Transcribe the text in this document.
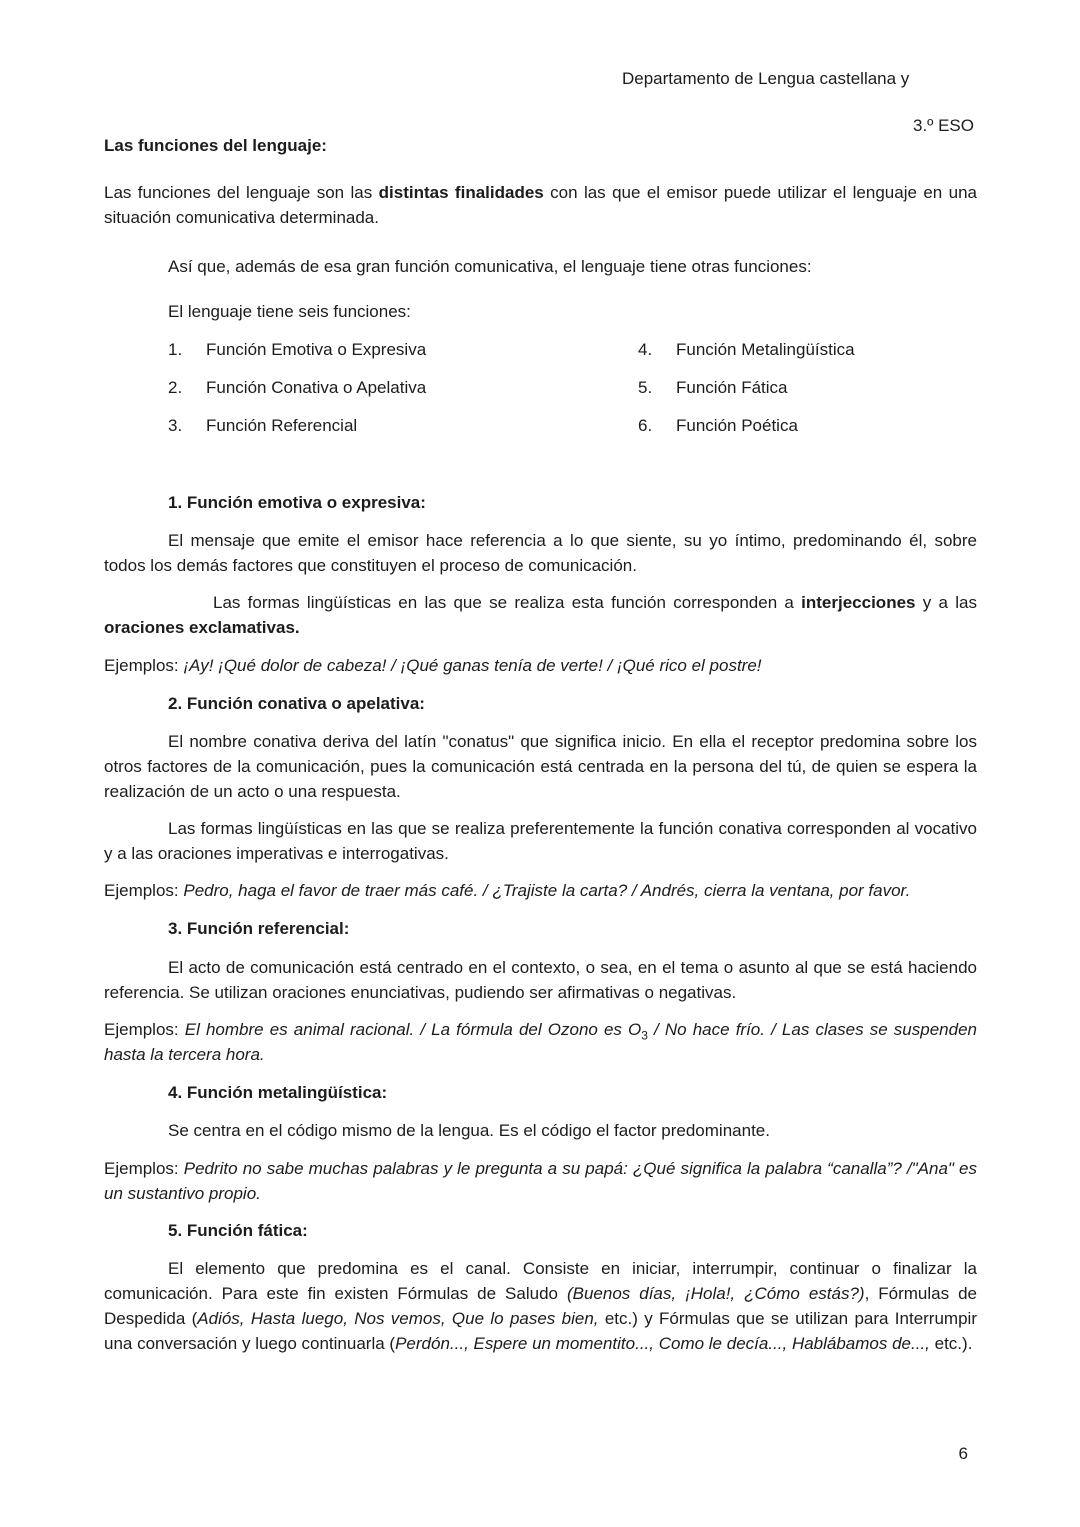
Departamento de Lengua castellana y
3.º ESO
Las funciones del lenguaje:
Las funciones del lenguaje son las distintas finalidades con las que el emisor puede utilizar el lenguaje en una situación comunicativa determinada.
Así que, además de esa gran función comunicativa, el lenguaje tiene otras funciones:
El lenguaje tiene seis funciones:
1.	Función Emotiva o Expresiva
2.	Función Conativa o Apelativa
3.	Función Referencial
4.	Función Metalingüística
5.	Función Fática
6.	Función Poética
1. Función emotiva o expresiva:
El mensaje que emite el emisor hace referencia a lo que siente, su yo íntimo, predominando él, sobre todos los demás factores que constituyen el proceso de comunicación.
Las formas lingüísticas en las que se realiza esta función corresponden a interjecciones y a las oraciones exclamativas.
Ejemplos: ¡Ay! ¡Qué dolor de cabeza! / ¡Qué ganas tenía de verte! / ¡Qué rico el postre!
2. Función conativa o apelativa:
El nombre conativa deriva del latín "conatus" que significa inicio. En ella el receptor predomina sobre los otros factores de la comunicación, pues la comunicación está centrada en la persona del tú, de quien se espera la realización de un acto o una respuesta.
Las formas lingüísticas en las que se realiza preferentemente la función conativa corresponden al vocativo y a las oraciones imperativas e interrogativas.
Ejemplos: Pedro, haga el favor de traer más café. / ¿Trajiste la carta? / Andrés, cierra la ventana, por favor.
3. Función referencial:
El acto de comunicación está centrado en el contexto, o sea, en el tema o asunto al que se está haciendo referencia. Se utilizan oraciones enunciativas, pudiendo ser afirmativas o negativas.
Ejemplos: El hombre es animal racional. / La fórmula del Ozono es $O_3$ / No hace frío. / Las clases se suspenden hasta la tercera hora.
4. Función metalingüística:
Se centra en el código mismo de la lengua. Es el código el factor predominante.
Ejemplos: Pedrito no sabe muchas palabras y le pregunta a su papá: ¿Qué significa la palabra “canalla”? /"Ana" es un sustantivo propio.
5. Función fática:
El elemento que predomina es el canal. Consiste en iniciar, interrumpir, continuar o finalizar la comunicación. Para este fin existen Fórmulas de Saludo (Buenos días, ¡Hola!, ¿Cómo estás?), Fórmulas de Despedida (Adiós, Hasta luego, Nos vemos, Que lo pases bien, etc.) y Fórmulas que se utilizan para Interrumpir una conversación y luego continuarla (Perdón..., Espere un momentito..., Como le decía..., Hablábamos de..., etc.).
6
